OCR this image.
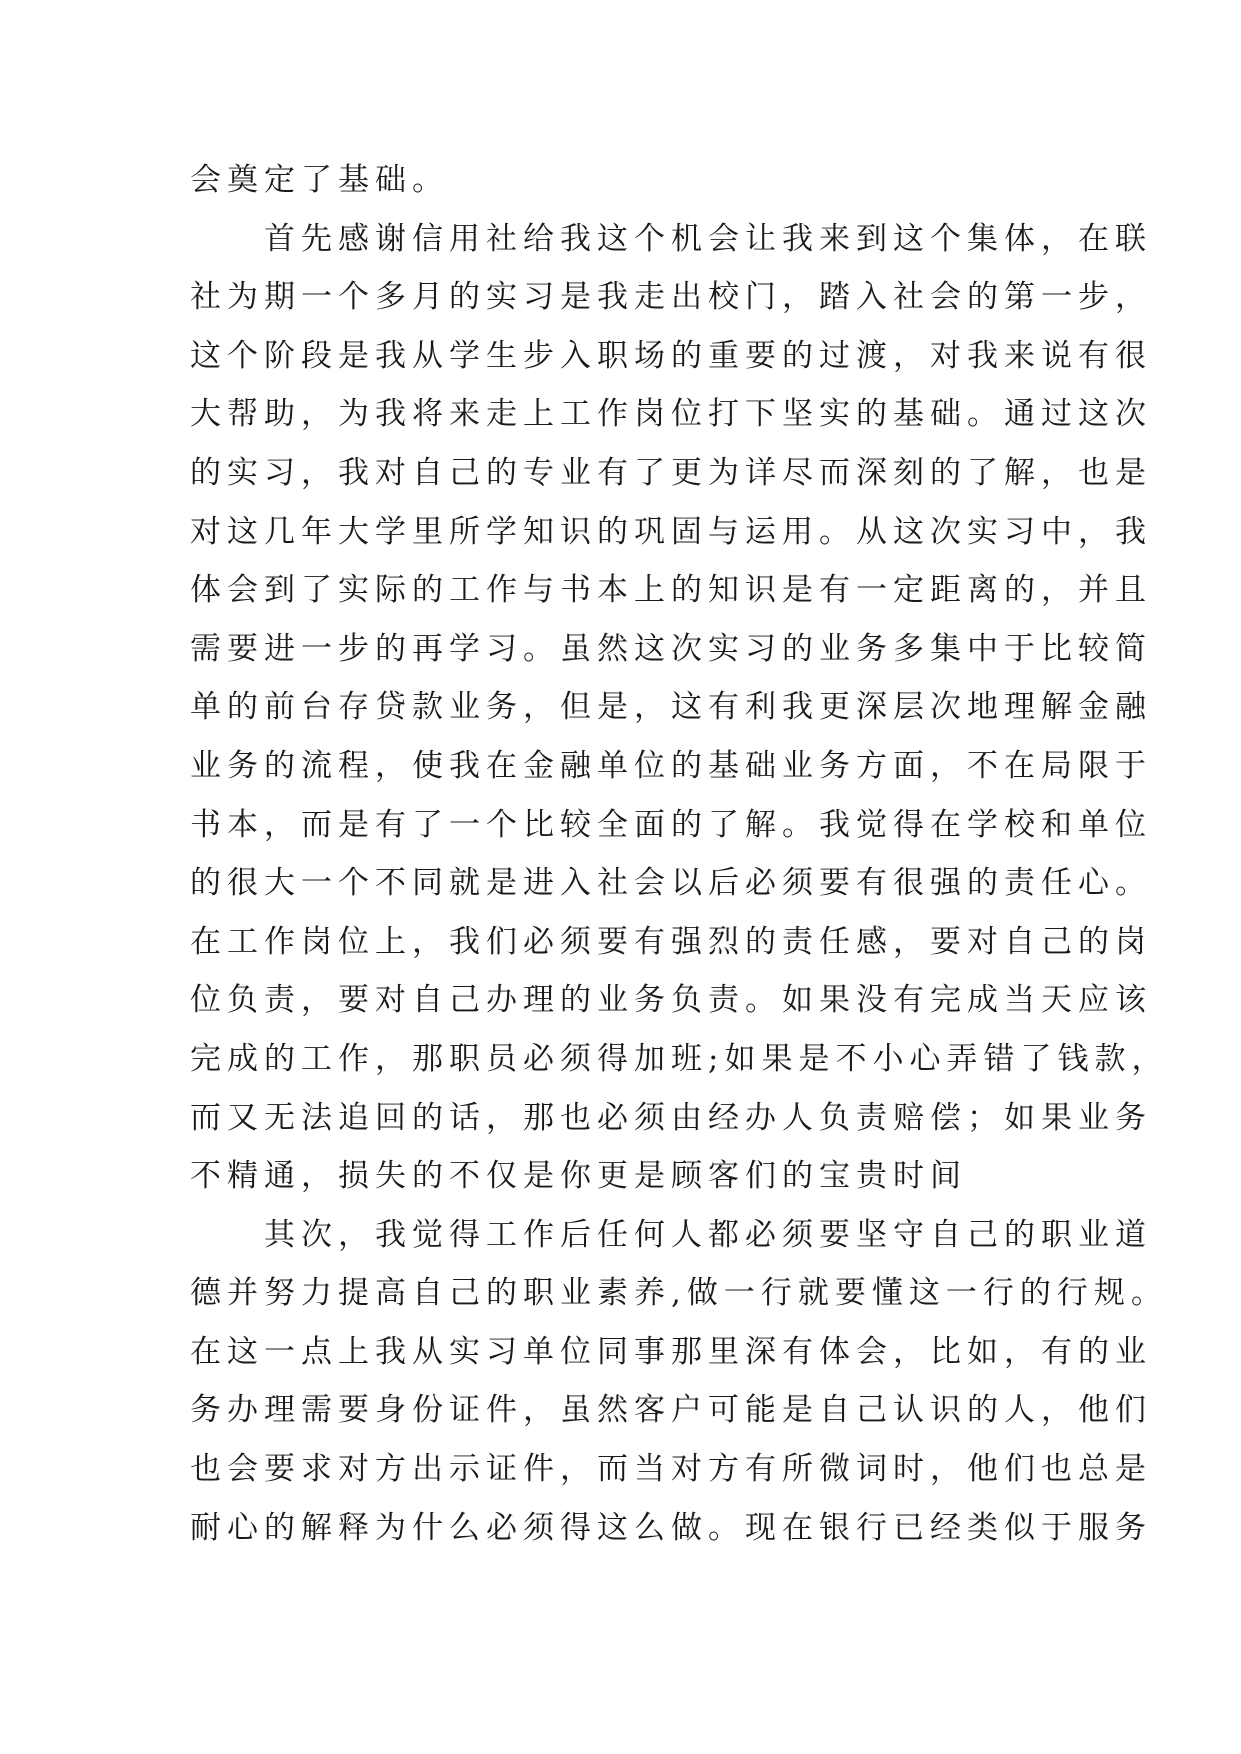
会奠定了基础。
首先感谢信用社给我这个机会让我来到这个集体，在联
社为期一个多月的实习是我走出校门，踏入社会的第一步，
这个阶段是我从学生步入职场的重要的过渡，对我来说有很
大帮助，为我将来走上工作岗位打下坚实的基础。通过这次
的实习，我对自己的专业有了更为详尽而深刻的了解，也是
对这几年大学里所学知识的巩固与运用。从这次实习中，我
体会到了实际的工作与书本上的知识是有一定距离的，并且
需要进一步的再学习。虽然这次实习的业务多集中于比较简
单的前台存贷款业务，但是，这有利我更深层次地理解金融
业务的流程，使我在金融单位的基础业务方面，不在局限于
书本，而是有了一个比较全面的了解。我觉得在学校和单位
的很大一个不同就是进入社会以后必须要有很强的责任心。
在工作岗位上，我们必须要有强烈的责任感，要对自己的岗
位负责，要对自己办理的业务负责。如果没有完成当天应该
完成的工作，那职员必须得加班;如果是不小心弄错了钱款，
而又无法追回的话，那也必须由经办人负责赔偿；如果业务
不精通，损失的不仅是你更是顾客们的宝贵时间
其次，我觉得工作后任何人都必须要坚守自己的职业道
德并努力提高自己的职业素养,做一行就要懂这一行的行规。
在这一点上我从实习单位同事那里深有体会，比如，有的业
务办理需要身份证件，虽然客户可能是自己认识的人，他们
也会要求对方出示证件，而当对方有所微词时，他们也总是
耐心的解释为什么必须得这么做。现在银行已经类似于服务
